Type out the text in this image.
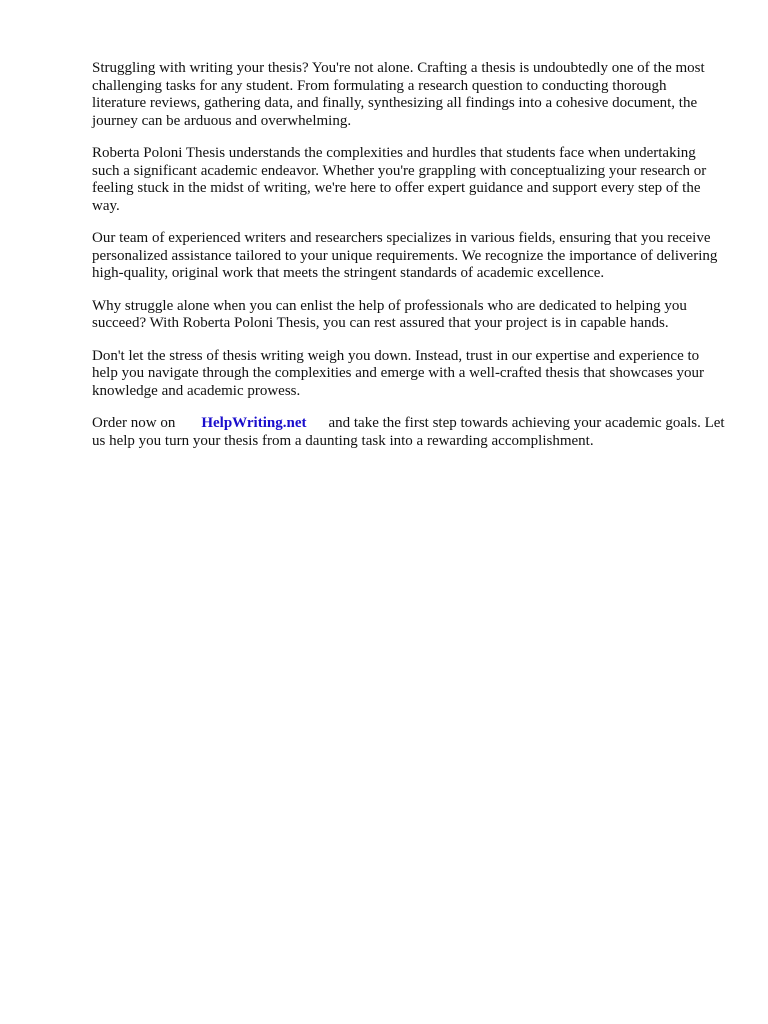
Struggling with writing your thesis? You're not alone. Crafting a thesis is undoubtedly one of the most challenging tasks for any student. From formulating a research question to conducting thorough literature reviews, gathering data, and finally, synthesizing all findings into a cohesive document, the journey can be arduous and overwhelming.

Roberta Poloni Thesis understands the complexities and hurdles that students face when undertaking such a significant academic endeavor. Whether you're grappling with conceptualizing your research or feeling stuck in the midst of writing, we're here to offer expert guidance and support every step of the way.

Our team of experienced writers and researchers specializes in various fields, ensuring that you receive personalized assistance tailored to your unique requirements. We recognize the importance of delivering high-quality, original work that meets the stringent standards of academic excellence.

Why struggle alone when you can enlist the help of professionals who are dedicated to helping you succeed? With Roberta Poloni Thesis, you can rest assured that your project is in capable hands.

Don't let the stress of thesis writing weigh you down. Instead, trust in our expertise and experience to help you navigate through the complexities and emerge with a well-crafted thesis that showcases your knowledge and academic prowess.

Order now on HelpWriting.net and take the first step towards achieving your academic goals. Let us help you turn your thesis from a daunting task into a rewarding accomplishment.
